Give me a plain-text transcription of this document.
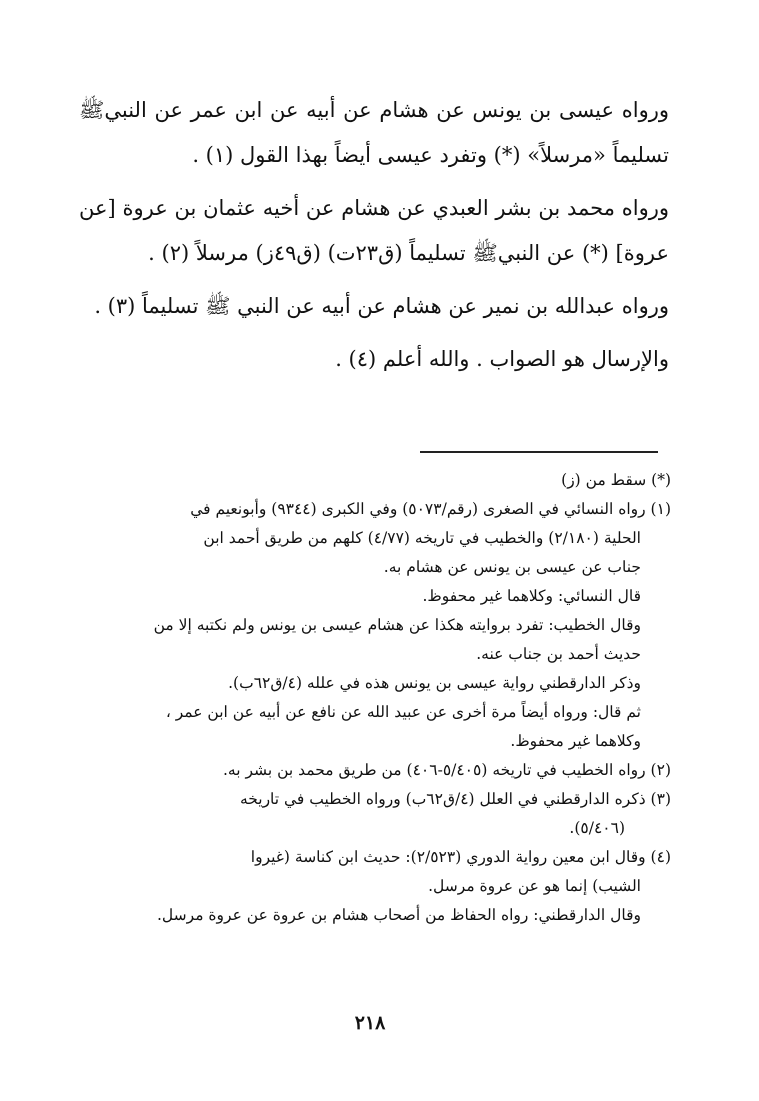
ورواه عيسى بن يونس عن هشام عن أبيه عن ابن عمر عن النبيﷺ تسليماً «مرسلاً» (*) وتفرد عيسى أيضاً بهذا القول (١) .

ورواه محمد بن بشر العبدي عن هشام عن أخيه عثمان بن عروة [عن عروة] (*) عن النبيﷺ تسليماً (ق٢٣ت) (ق٤٩ز) مرسلاً (٢) .

ورواه عبدالله بن نمير عن هشام عن أبيه عن النبي ﷺ تسليماً (٣) .

والإرسال هو الصواب . والله أعلم (٤) .

(*) سقط من (ز)
(١) رواه النسائي في الصغرى (رقم/٥٠٧٣) وفي الكبرى (٩٣٤٤) وأبونعيم في
الحلية (٢/١٨٠) والخطيب في تاريخه (٤/٧٧) كلهم من طريق أحمد ابن
جناب عن عيسى بن يونس عن هشام به.
قال النسائي: وكلاهما غير محفوظ.
وقال الخطيب: تفرد بروايته هكذا عن هشام عيسى بن يونس ولم نكتبه إلا من
حديث أحمد بن جناب عنه.
وذكر الدارقطني رواية عيسى بن يونس هذه في علله (٤/ق٦٢ب).
ثم قال: ورواه أيضاً مرة أخرى عن عبيد الله عن نافع عن أبيه عن ابن عمر ،
وكلاهما غير محفوظ.
(٢) رواه الخطيب في تاريخه (٥/٤٠٥-٤٠٦) من طريق محمد بن بشر به.
(٣) ذكره الدارقطني في العلل (٤/ق٦٢ب) ورواه الخطيب في تاريخه
(٥/٤٠٦).
(٤) وقال ابن معين رواية الدوري (٢/٥٢٣): حديث ابن كناسة (غيروا
الشيب) إنما هو عن عروة مرسل.
وقال الدارقطني: رواه الحفاظ من أصحاب هشام بن عروة عن عروة مرسل.
٢١٨
